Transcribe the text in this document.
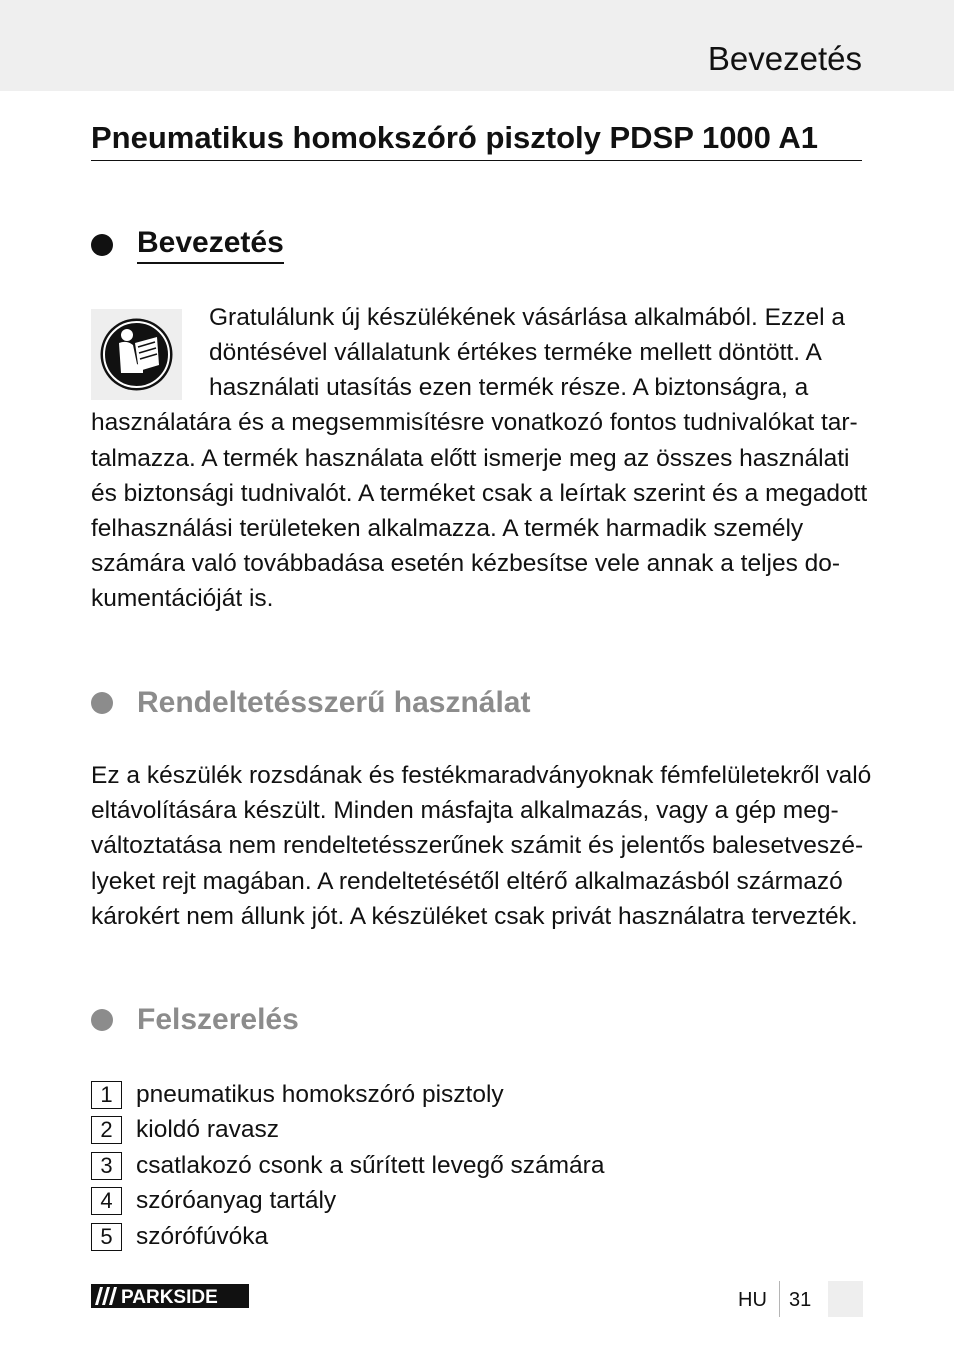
Bevezetés
Pneumatikus homokszóró pisztoly PDSP 1000 A1
Bevezetés
Gratulálunk új készülékének vásárlása alkalmából. Ezzel a
döntésével vállalatunk értékes terméke mellett döntött. A
használati utasítás ezen termék része. A biztonságra, a
használatára és a megsemmisítésre vonatkozó fontos tudnivalókat tar-
talmazza. A termék használata előtt ismerje meg az összes használati
és biztonsági tudnivalót. A terméket csak a leírtak szerint és a megadott
felhasználási területeken alkalmazza. A termék harmadik személy
számára való továbbadása esetén kézbesítse vele annak a teljes do-
kumentációját is.
Rendeltetésszerű használat
Ez a készülék rozsdának és festékmaradványoknak fémfelületekről való
eltávolítására készült. Minden másfajta alkalmazás, vagy a gép meg-
változtatása nem rendeltetésszerűnek számit és jelentős balesetveszé-
lyeket rejt magában. A rendeltetésétől eltérő alkalmazásból származó
károkért nem állunk jót. A készüléket csak privát használatra tervezték.
Felszerelés
1 pneumatikus homokszóró pisztoly
2 kioldó ravasz
3 csatlakozó csonk a sűrített levegő számára
4 szóróanyag tartály
5 szórófúvóka
PARKSIDE	HU 31
